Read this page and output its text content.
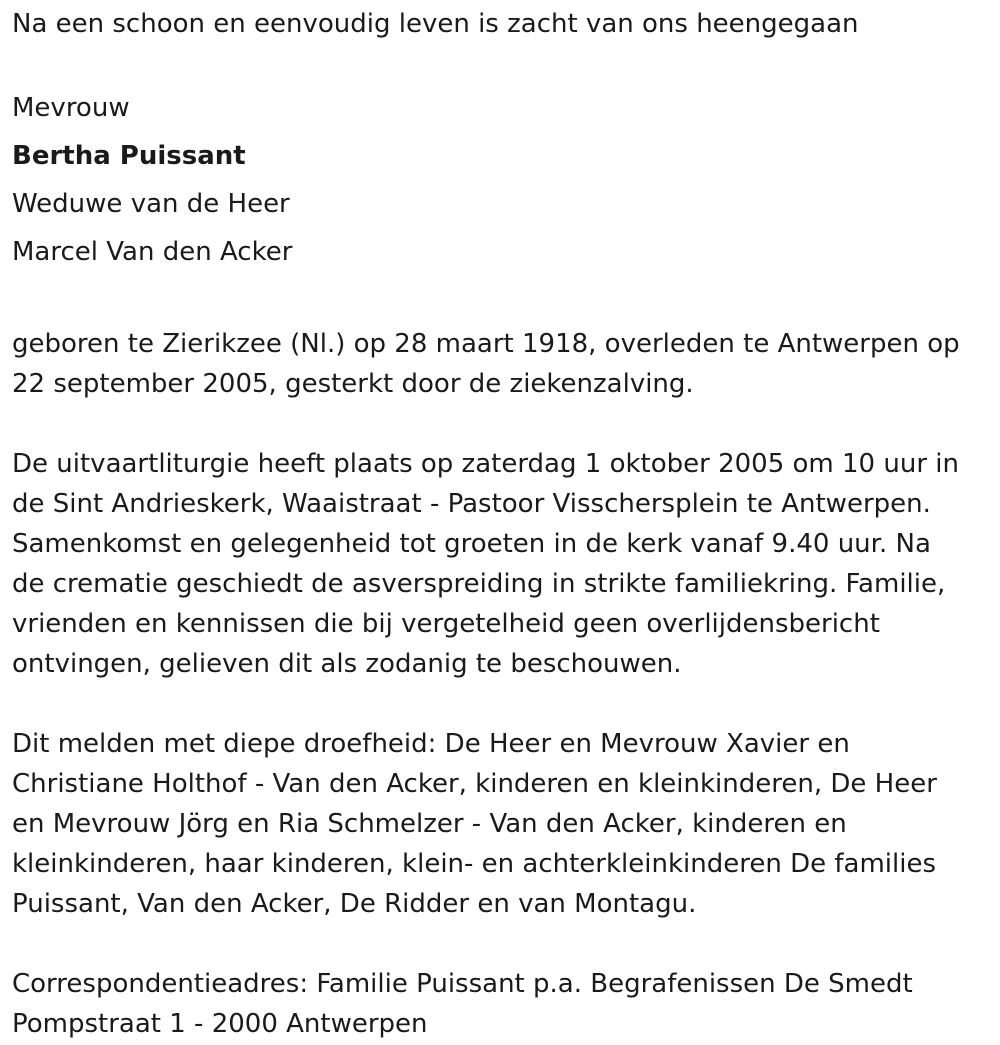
Na een schoon en eenvoudig leven is zacht van ons heengegaan
Mevrouw
Bertha Puissant
Weduwe van de Heer
Marcel Van den Acker
geboren te Zierikzee (Nl.) op 28 maart 1918, overleden te Antwerpen op
22 september 2005, gesterkt door de ziekenzalving.
De uitvaartliturgie heeft plaats op zaterdag 1 oktober 2005 om 10 uur in
de Sint Andrieskerk, Waaistraat - Pastoor Visschersplein te Antwerpen.
Samenkomst en gelegenheid tot groeten in de kerk vanaf 9.40 uur. Na
de crematie geschiedt de asverspreiding in strikte familiekring. Familie,
vrienden en kennissen die bij vergetelheid geen overlijdensbericht
ontvingen, gelieven dit als zodanig te beschouwen.
Dit melden met diepe droefheid: De Heer en Mevrouw Xavier en
Christiane Holthof - Van den Acker, kinderen en kleinkinderen, De Heer
en Mevrouw Jörg en Ria Schmelzer - Van den Acker, kinderen en
kleinkinderen, haar kinderen, klein- en achterkleinkinderen De families
Puissant, Van den Acker, De Ridder en van Montagu.
Correspondentieadres: Familie Puissant p.a. Begrafenissen De Smedt
Pompstraat 1 - 2000 Antwerpen
